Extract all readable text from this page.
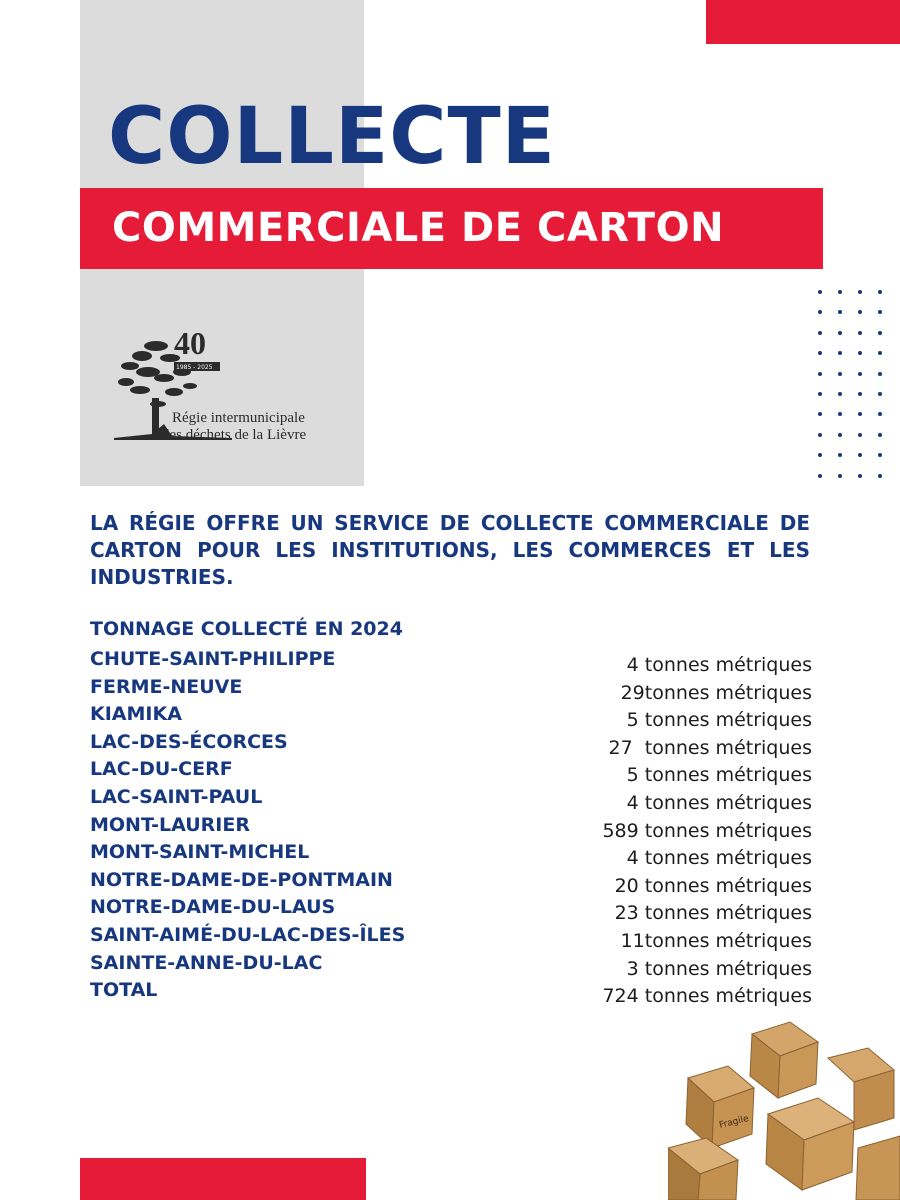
COLLECTE
COMMERCIALE DE CARTON
40
1985 - 2025
Régie intermunicipale
des déchets de la Lièvre

LA RÉGIE OFFRE UN SERVICE DE COLLECTE COMMERCIALE DE CARTON POUR LES INSTITUTIONS, LES COMMERCES ET LES INDUSTRIES.

TONNAGE COLLECTÉ EN 2024
CHUTE-SAINT-PHILIPPE	4 tonnes métriques
FERME-NEUVE	29tonnes métriques
KIAMIKA	5 tonnes métriques
LAC-DES-ÉCORCES	27  tonnes métriques
LAC-DU-CERF	5 tonnes métriques
LAC-SAINT-PAUL	4 tonnes métriques
MONT-LAURIER	589 tonnes métriques
MONT-SAINT-MICHEL	4 tonnes métriques
NOTRE-DAME-DE-PONTMAIN	20 tonnes métriques
NOTRE-DAME-DU-LAUS	23 tonnes métriques
SAINT-AIMÉ-DU-LAC-DES-ÎLES	11tonnes métriques
SAINTE-ANNE-DU-LAC	3 tonnes métriques
TOTAL	724 tonnes métriques
Fragile
